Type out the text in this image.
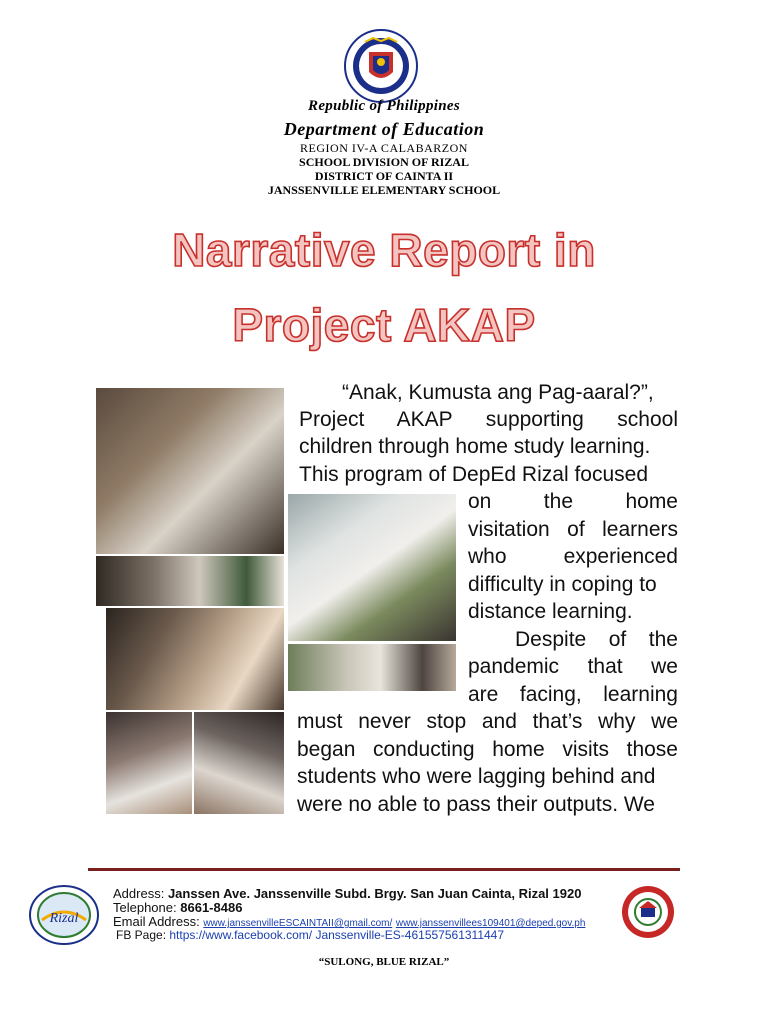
Republic of Philippines
Department of Education
REGION IV-A CALABARZON
SCHOOL DIVISION OF RIZAL
DISTRICT OF CAINTA II
JANSSENVILLE ELEMENTARY SCHOOL
Narrative Report in
Project AKAP
“Anak, Kumusta ang Pag-aaral?”,
Project AKAP supporting school
children through home study learning.
This program of DepEd Rizal focused
on the home
visitation of learners
who experienced
difficulty in coping to
distance learning.
Despite of the
pandemic that we
are facing, learning
must never stop and that’s why we
began conducting home visits those
students who were lagging behind and
were no able to pass their outputs. We
Rizal
Address: Janssen Ave. Janssenville Subd. Brgy. San Juan Cainta, Rizal 1920
Telephone: 8661-8486
Email Address: www.janssenvilleESCAINTAII@gmail.com/ www.janssenvillees109401@deped.gov.ph
FB Page: https://www.facebook.com/ Janssenville-ES-461557561311447
“SULONG, BLUE RIZAL”
